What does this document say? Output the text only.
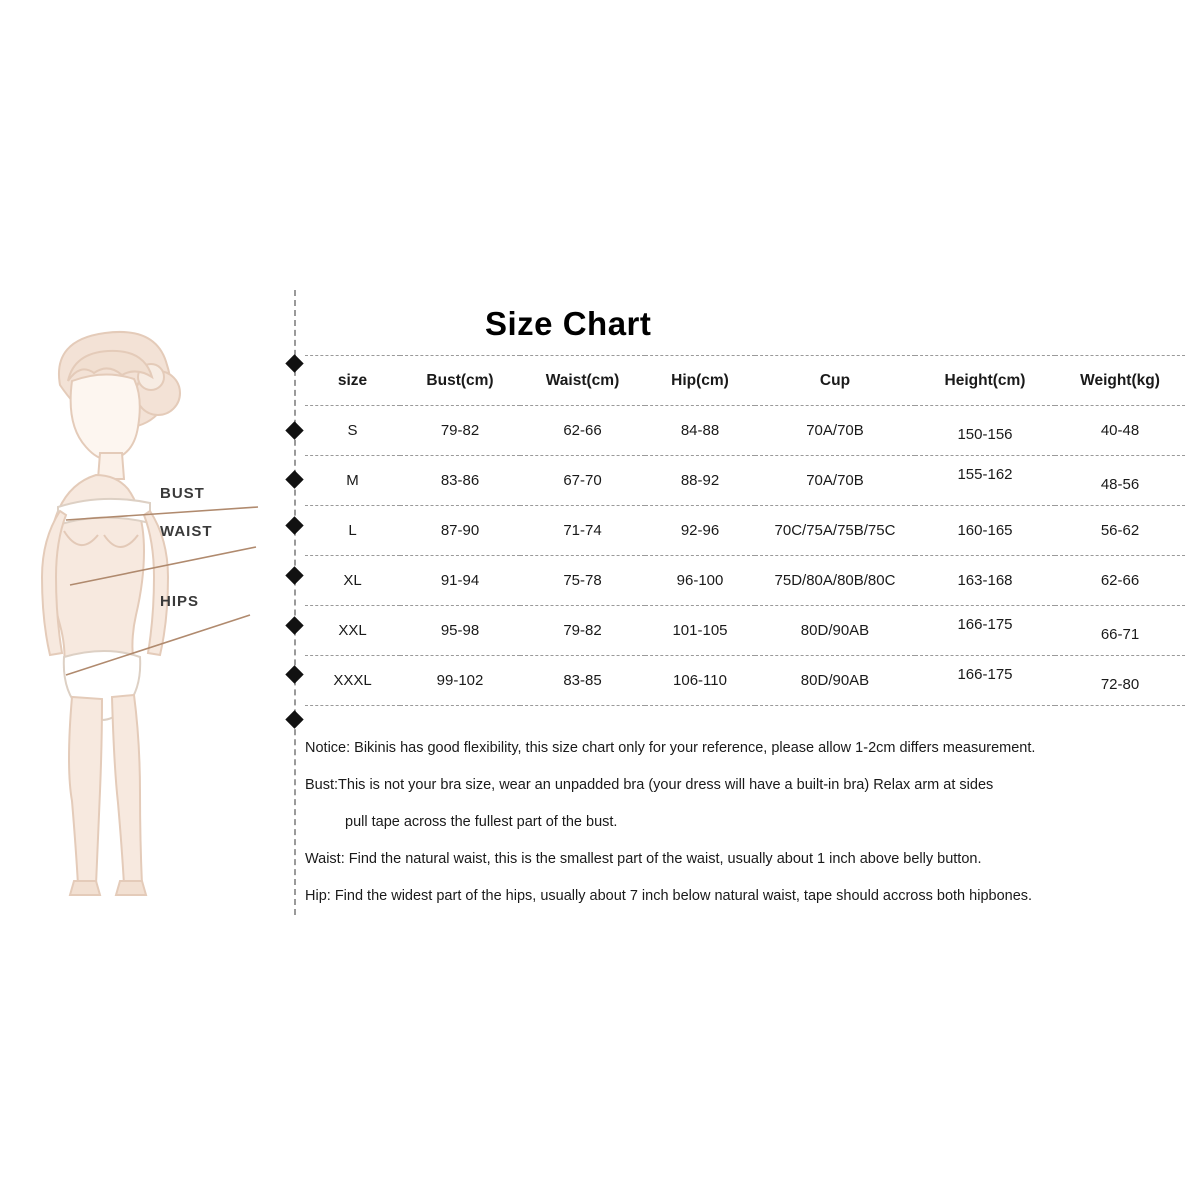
BUST
WAIST
HIPS
Size Chart
size	Bust(cm)	Waist(cm)	Hip(cm)	Cup	Height(cm)	Weight(kg)
S	79-82	62-66	84-88	70A/70B	150-156	40-48
M	83-86	67-70	88-92	70A/70B	155-162	48-56
L	87-90	71-74	92-96	70C/75A/75B/75C	160-165	56-62
XL	91-94	75-78	96-100	75D/80A/80B/80C	163-168	62-66
XXL	95-98	79-82	101-105	80D/90AB	166-175	66-71
XXXL	99-102	83-85	106-110	80D/90AB	166-175	72-80

Notice: Bikinis has good flexibility, this size chart only for your reference, please allow 1-2cm differs measurement.

Bust:This is not your bra size, wear an unpadded bra (your dress will have a built-in bra) Relax arm at sides

pull tape across the fullest part of the bust.

Waist: Find the natural waist, this is the smallest part of the waist, usually about 1 inch above belly button.

Hip: Find the widest part of the hips, usually about 7 inch below natural waist, tape should accross both hipbones.
